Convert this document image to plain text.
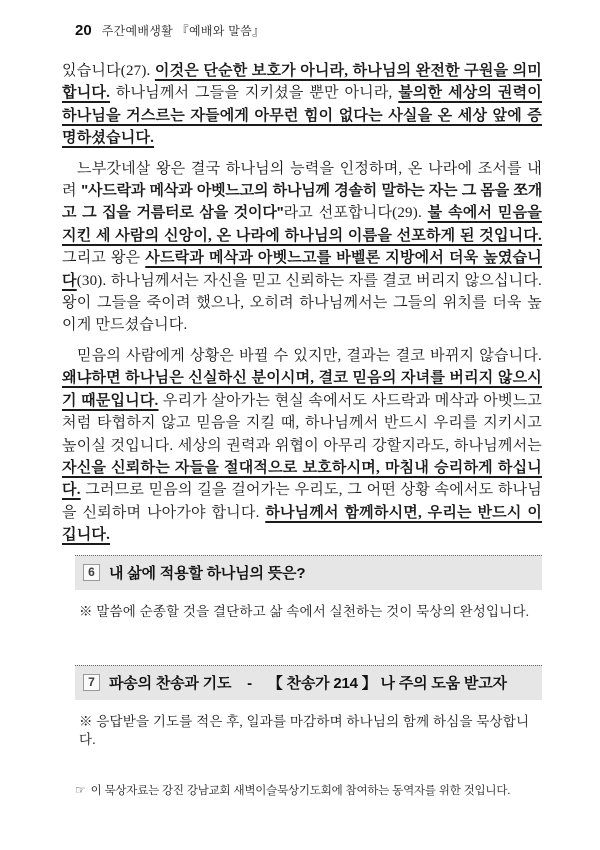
20 주간예배생활 『예배와 말씀』

있습니다(27). 이것은 단순한 보호가 아니라, 하나님의 완전한 구원을 의미합니다. 하나님께서 그들을 지키셨을 뿐만 아니라, 불의한 세상의 권력이 하나님을 거스르는 자들에게 아무런 힘이 없다는 사실을 온 세상 앞에 증명하셨습니다.

느부갓네살 왕은 결국 하나님의 능력을 인정하며, 온 나라에 조서를 내려 "사드락과 메삭과 아벳느고의 하나님께 경솔히 말하는 자는 그 몸을 쪼개고 그 집을 거름터로 삼을 것이다"라고 선포합니다(29). 불 속에서 믿음을 지킨 세 사람의 신앙이, 온 나라에 하나님의 이름을 선포하게 된 것입니다. 그리고 왕은 사드락과 메삭과 아벳느고를 바벨론 지방에서 더욱 높였습니다(30). 하나님께서는 자신을 믿고 신뢰하는 자를 결코 버리지 않으십니다. 왕이 그들을 죽이려 했으나, 오히려 하나님께서는 그들의 위치를 더욱 높이게 만드셨습니다.

믿음의 사람에게 상황은 바뀔 수 있지만, 결과는 결코 바뀌지 않습니다. 왜냐하면 하나님은 신실하신 분이시며, 결코 믿음의 자녀를 버리지 않으시기 때문입니다. 우리가 살아가는 현실 속에서도 사드락과 메삭과 아벳느고처럼 타협하지 않고 믿음을 지킬 때, 하나님께서 반드시 우리를 지키시고 높이실 것입니다. 세상의 권력과 위협이 아무리 강할지라도, 하나님께서는 자신을 신뢰하는 자들을 절대적으로 보호하시며, 마침내 승리하게 하십니다. 그러므로 믿음의 길을 걸어가는 우리도, 그 어떤 상황 속에서도 하나님을 신뢰하며 나아가야 합니다. 하나님께서 함께하시면, 우리는 반드시 이깁니다.

6 내 삶에 적용할 하나님의 뜻은?
※ 말씀에 순종할 것을 결단하고 삶 속에서 실천하는 것이 묵상의 완성입니다.
7 파송의 찬송과 기도    -    【 찬송가 214 】 나 주의 도움 받고자
※ 응답받을 기도를 적은 후, 일과를 마감하며 하나님의 함께 하심을 묵상합니다.
☞ 이 묵상자료는 강진 강남교회 새벽이슬묵상기도회에 참여하는 동역자를 위한 것입니다.
